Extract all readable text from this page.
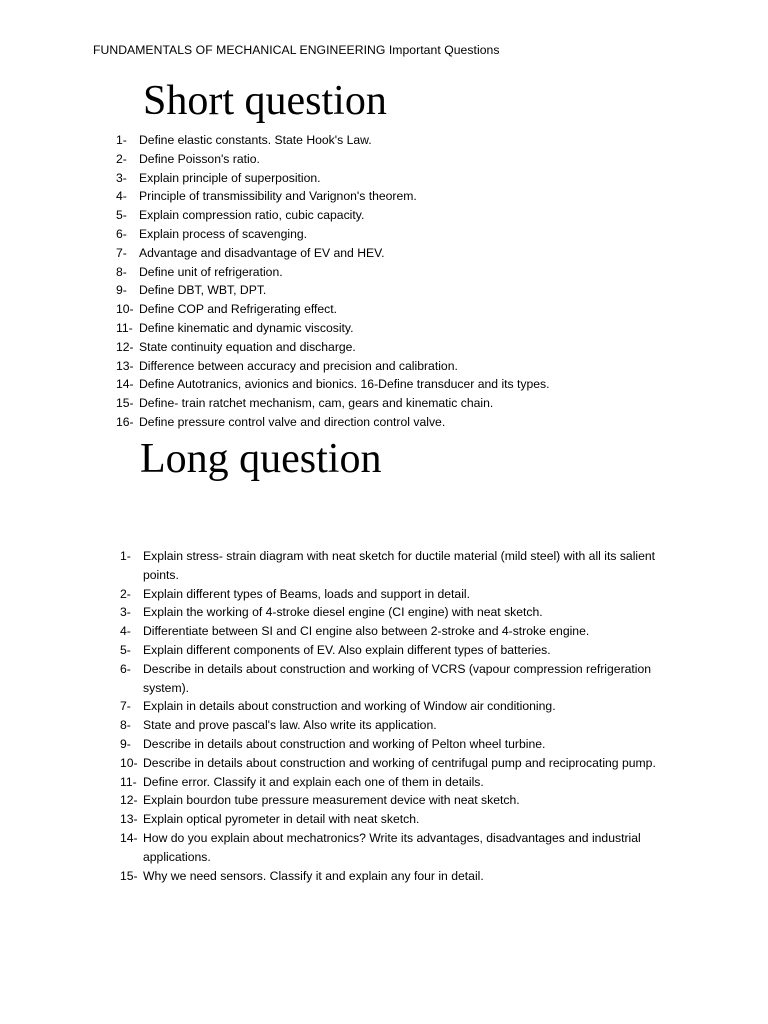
FUNDAMENTALS OF MECHANICAL ENGINEERING Important Questions
Short question
1- Define elastic constants. State Hook's Law.
2- Define Poisson's ratio.
3- Explain principle of superposition.
4- Principle of transmissibility and Varignon's theorem.
5- Explain compression ratio, cubic capacity.
6- Explain process of scavenging.
7- Advantage and disadvantage of EV and HEV.
8- Define unit of refrigeration.
9- Define DBT, WBT, DPT.
10- Define COP and Refrigerating effect.
11- Define kinematic and dynamic viscosity.
12- State continuity equation and discharge.
13- Difference between accuracy and precision and calibration.
14- Define Autotranics, avionics and bionics. 16-Define transducer and its types.
15- Define- train ratchet mechanism, cam, gears and kinematic chain.
16- Define pressure control valve and direction control valve.
Long question
1- Explain stress- strain diagram with neat sketch for ductile material (mild steel) with all its salient points.
2- Explain different types of Beams, loads and support in detail.
3- Explain the working of 4-stroke diesel engine (CI engine) with neat sketch.
4- Differentiate between SI and CI engine also between 2-stroke and 4-stroke engine.
5- Explain different components of EV. Also explain different types of batteries.
6- Describe in details about construction and working of VCRS (vapour compression refrigeration system).
7- Explain in details about construction and working of Window air conditioning.
8- State and prove pascal's law. Also write its application.
9- Describe in details about construction and working of Pelton wheel turbine.
10- Describe in details about construction and working of centrifugal pump and reciprocating pump.
11- Define error. Classify it and explain each one of them in details.
12- Explain bourdon tube pressure measurement device with neat sketch.
13- Explain optical pyrometer in detail with neat sketch.
14- How do you explain about mechatronics? Write its advantages, disadvantages and industrial applications.
15- Why we need sensors. Classify it and explain any four in detail.
